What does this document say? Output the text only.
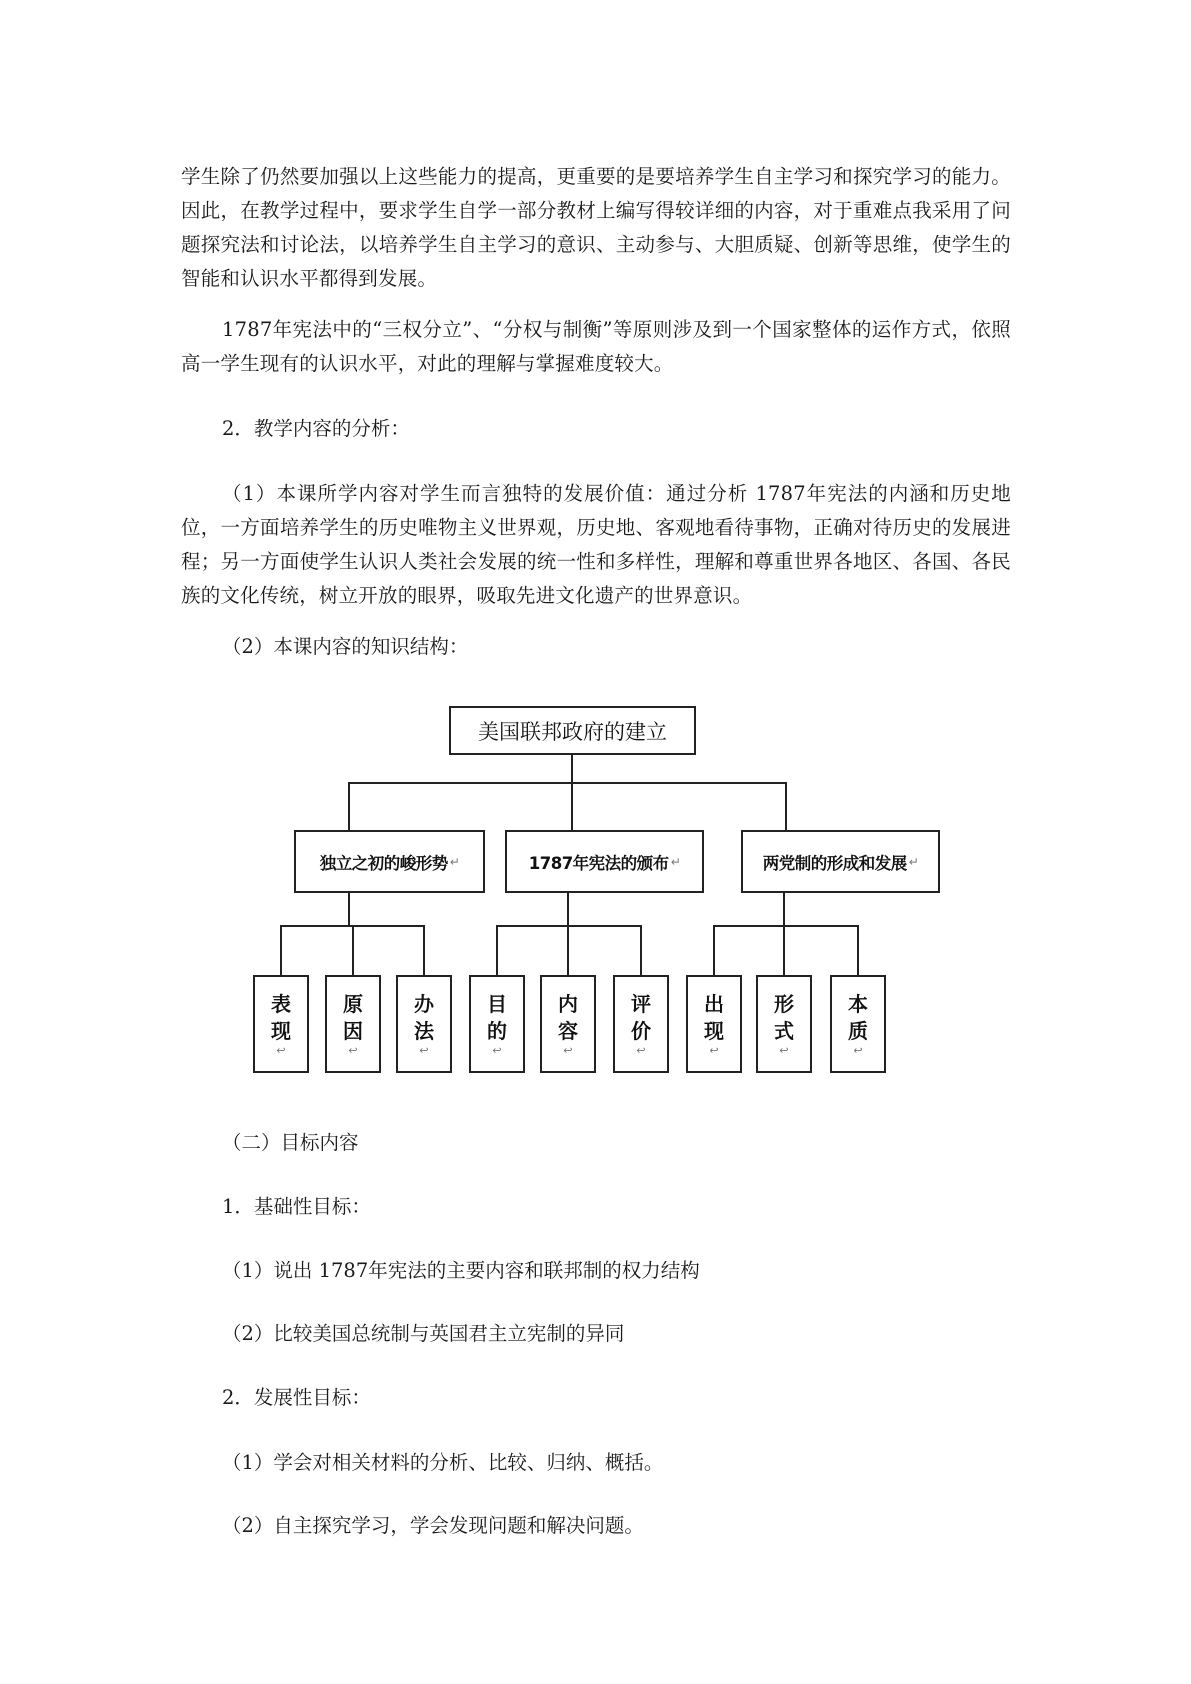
学生除了仍然要加强以上这些能力的提高，更重要的是要培养学生自主学习和探究学习的能力。因此，在教学过程中，要求学生自学一部分教材上编写得较详细的内容，对于重难点我采用了问题探究法和讨论法，以培养学生自主学习的意识、主动参与、大胆质疑、创新等思维，使学生的智能和认识水平都得到发展。

1787年宪法中的“三权分立”、“分权与制衡”等原则涉及到一个国家整体的运作方式，依照高一学生现有的认识水平，对此的理解与掌握难度较大。

2．教学内容的分析：

（1）本课所学内容对学生而言独特的发展价值：通过分析 1787年宪法的内涵和历史地位，一方面培养学生的历史唯物主义世界观，历史地、客观地看待事物，正确对待历史的发展进程；另一方面使学生认识人类社会发展的统一性和多样性，理解和尊重世界各地区、各国、各民族的文化传统，树立开放的眼界，吸取先进文化遗产的世界意识。

（2）本课内容的知识结构：

美国联邦政府的建立
独立之初的峻形势 ↵	1787年宪法的颁布 ↵	两党制的形成和发展 ↵
表
现
↩
原
因
↩
办
法
↩
目
的
↩
内
容
↩
评
价
↩
出
现
↩
形
式
↩
本
质
↩

（二）目标内容

1．基础性目标：

（1）说出 1787年宪法的主要内容和联邦制的权力结构

（2）比较美国总统制与英国君主立宪制的异同

2．发展性目标：

（1）学会对相关材料的分析、比较、归纳、概括。

（2）自主探究学习，学会发现问题和解决问题。
